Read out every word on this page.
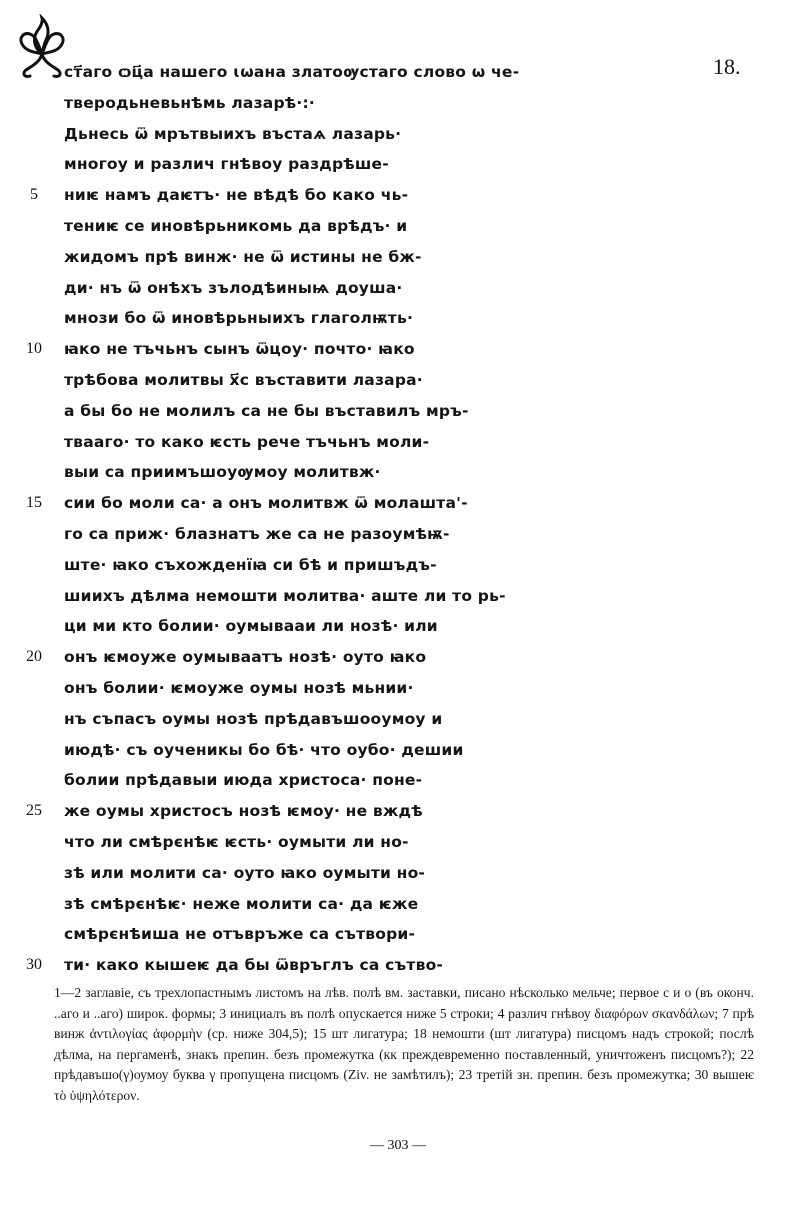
18.
ст҃аго ѻц҃а нашего ꙇѡана златоѹстаго слово ѡ че-
тверодьневьнѣмь лазарѣ·:·
Дьнесь ѿ мрътвыихъ въстаѧ лазарь·
многоу и различ гнѣвоу раздрѣше-
ниѥ намъ даѥтъ· не вѣдѣ бо како чь-
5
тениѥ се иновѣрьникомь да врѣдъ· и
жидомъ прѣ винж· не ѿ истины не бж-
ди· нъ ѿ онѣхъ зълодѣиныѩ доуша·
мнози бо ѿ иновѣрьныихъ глаголѭть·
ꙗко не тъчьнъ сынъ ѿцоу· почто· ꙗко
10
трѣбова молитвы х҃с въставити лазара·
а бы бо не молилъ са не бы въставилъ мръ-
твааго· то како ѥсть рече тъчьнъ моли-
выи са приимъшоуѹмоу молитвж·
сии бо моли са· а онъ молитвж ѿ молашта'-
15
го са приж· блазнатъ же са не разоумѣѭ-
ште· ꙗко съхожденїꙗ си бѣ и пришъдъ-
шиихъ дѣлма немошти молитва· аште ли то рь-
ци ми кто болии· оумывааи ли нозѣ· или
онъ ѥмоуже оумываатъ нозѣ· оуто ꙗко
20
онъ болии· ѥмоуже оумы нозѣ мьнии·
нъ съпасъ оумы нозѣ прѣдавъшооумоу и
июдѣ· съ оученикы бо бѣ· что оубо· дешии
болии прѣдавыи июда христоса· поне-
же оумы христосъ нозѣ ѥмоу· не вждѣ
25
что ли смѣрєнѣѥ ѥсть· оумыти ли но-
зѣ или молити са· оуто ꙗко оумыти но-
зѣ смѣрєнѣѥ· неже молити са· да ѥже
смѣрєнѣиша не отъвръже са сътвори-
ти· како кышеѥ да бы ѿвръглъ са сътво-
30
1—2 заглавіе, съ трехлопастнымъ листомъ на лѣв. полѣ вм. заставки, писано нѣсколько мельче; первое с и о (въ оконч. ..аго и ..аго) широк. формы; 3 инициалъ въ полѣ опускается ниже 5 строки; 4 различ гнѣвоу διαφόρων σκανδάλων; 7 прѣ винж ἀντιλογίας ἀφορμὴν (ср. ниже 304,5); 15 шт лигатура; 18 немошти (шт лигатура) писцомъ надъ строкой; послѣ дѣлма, на пергаменѣ, знакъ препин. безъ промежутка (кк преждевременно поставленный, уничтоженъ писцомъ?); 22 прѣдавъшо(γ)оумоу буква γ пропущена писцомъ (Ziv. не замѣтилъ); 23 третій зн. препин. безъ промежутка; 30 вышеѥ τὸ ὑψηλότερον.
— 303 —
